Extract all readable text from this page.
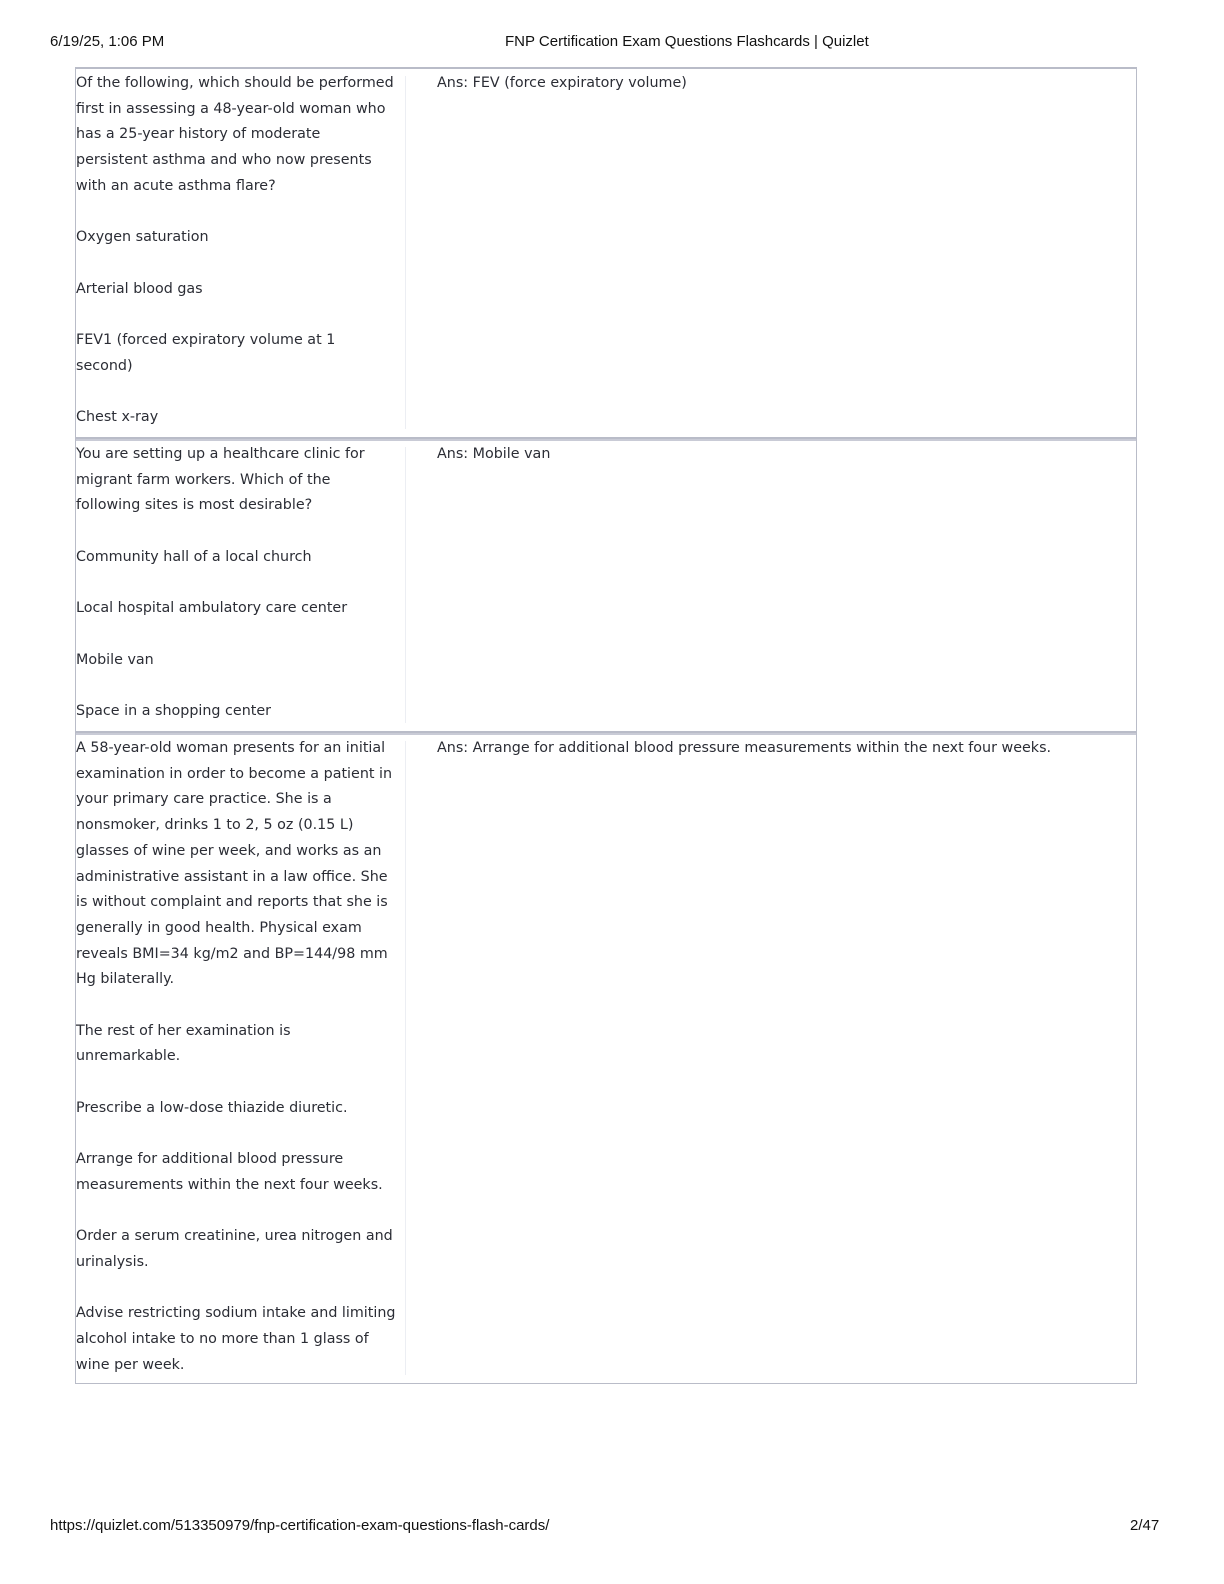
6/19/25, 1:06 PM	FNP Certification Exam Questions Flashcards | Quizlet

Of the following, which should be performed first in assessing a 48-year-old woman who has a 25-year history of moderate persistent asthma and who now presents with an acute asthma flare?

Oxygen saturation

Arterial blood gas

FEV1 (forced expiratory volume at 1 second)

Chest x-ray

Ans: FEV (force expiratory volume)

You are setting up a healthcare clinic for migrant farm workers. Which of the following sites is most desirable?

Community hall of a local church

Local hospital ambulatory care center

Mobile van

Space in a shopping center

Ans: Mobile van

A 58-year-old woman presents for an initial examination in order to become a patient in your primary care practice. She is a nonsmoker, drinks 1 to 2, 5 oz (0.15 L) glasses of wine per week, and works as an administrative assistant in a law office. She is without complaint and reports that she is generally in good health. Physical exam reveals BMI=34 kg/m2 and BP=144/98 mm Hg bilaterally.

The rest of her examination is unremarkable.

Prescribe a low-dose thiazide diuretic.

Arrange for additional blood pressure measurements within the next four weeks.

Order a serum creatinine, urea nitrogen and urinalysis.

Advise restricting sodium intake and limiting alcohol intake to no more than 1 glass of wine per week.

Ans: Arrange for additional blood pressure measurements within the next four weeks.
https://quizlet.com/513350979/fnp-certification-exam-questions-flash-cards/	2/47
